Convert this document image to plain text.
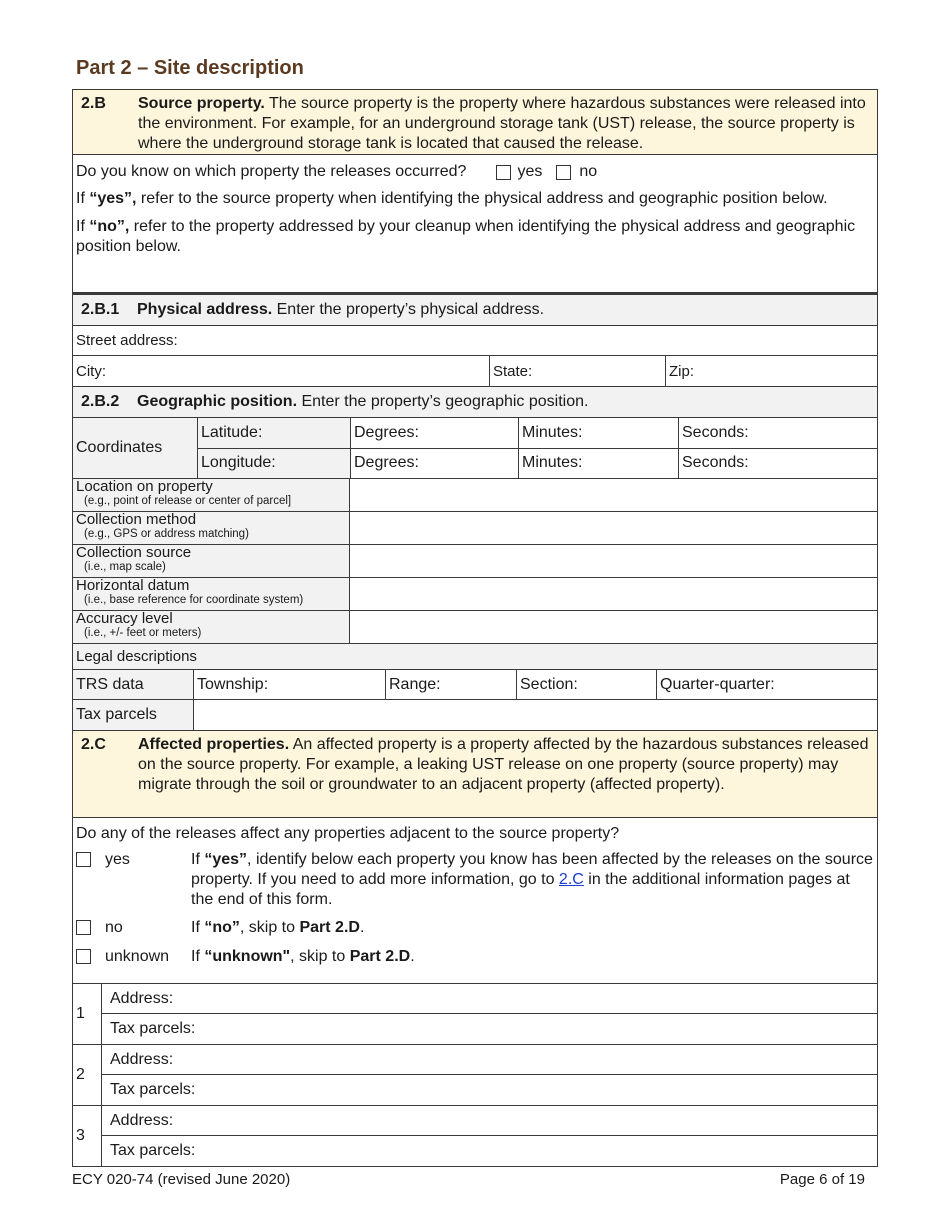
Part 2 – Site description
2.B	Source property. The source property is the property where hazardous substances were released into the environment. For example, for an underground storage tank (UST) release, the source property is where the underground storage tank is located that caused the release.
Do you know on which property the releases occurred?	yes no
If “yes”, refer to the source property when identifying the physical address and geographic position below.
If “no”, refer to the property addressed by your cleanup when identifying the physical address and geographic position below.
2.B.1	Physical address. Enter the property’s physical address.
Street address:
City:	State:	Zip:
2.B.2	Geographic position. Enter the property’s geographic position.
Coordinates
Latitude:	Degrees:	Minutes:	Seconds:
Longitude:	Degrees:	Minutes:	Seconds:
Location on property
(e.g., point of release or center of parcel]
Collection method
(e.g., GPS or address matching)
Collection source
(i.e., map scale)
Horizontal datum
(i.e., base reference for coordinate system)
Accuracy level
(i.e., +/- feet or meters)
Legal descriptions
TRS data	Township:	Range:	Section:	Quarter-quarter:
Tax parcels
2.C	Affected properties. An affected property is a property affected by the hazardous substances released on the source property. For example, a leaking UST release on one property (source property) may migrate through the soil or groundwater to an adjacent property (affected property).
Do any of the releases affect any properties adjacent to the source property?
yes	If “yes”, identify below each property you know has been affected by the releases on the source property. If you need to add more information, go to 2.C in the additional information pages at the end of this form.
no	If “no”, skip to Part 2.D.
unknown If “unknown", skip to Part 2.D.
1
Address:
Tax parcels:
2
Address:
Tax parcels:
3
Address:
Tax parcels:
ECY 020-74 (revised June 2020)	Page 6 of 19
